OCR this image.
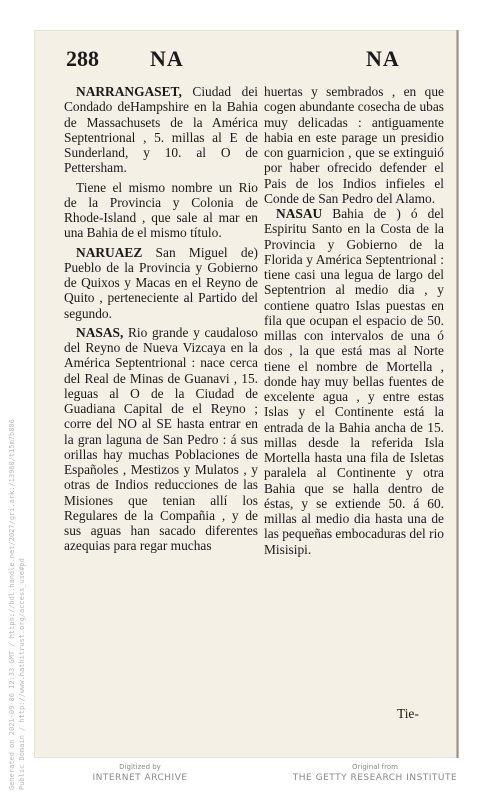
288 NA	NA

NARRANGASET, Ciudad dei Condado deHampshire en la Bahia de Massachusets de la América Septentrional , 5. millas al E de Sunderland, y 10. al O de Pettersham.

Tiene el mismo nombre un Rio de la Provincia y Colonia de Rhode-Island , que sale al mar en una Bahia de el mismo título.

NARUAEZ San Miguel de) Pueblo de la Provincia y Gobierno de Quixos y Macas en el Reyno de Quito , perteneciente al Partido del segundo.

NASAS, Rio grande y caudaloso del Reyno de Nueva Vizcaya en la América Septentrional : nace cerca del Real de Minas de Guanavi , 15. leguas al O de la Ciudad de Guadiana Capital de el Reyno ; corre del NO al SE hasta entrar en la gran laguna de San Pedro : á sus orillas hay muchas Poblaciones de Españoles , Mestizos y Mulatos , y otras de Indios reducciones de las Misiones que tenian allí los Regulares de la Compañia , y de sus aguas han sacado diferentes azequias para regar muchas

huertas y sembrados , en que cogen abundante cosecha de ubas muy delicadas : antiguamente habia en este parage un presidio con guarnicion , que se extinguió por haber ofrecido defender el Pais de los Indios infieles el Conde de San Pedro del Alamo.

NASAU Bahia de ) ó del Espiritu Santo en la Costa de la Provincia y Gobierno de la Florida y América Septentrional : tiene casi una legua de largo del Septentrion al medio dia , y contiene quatro Islas puestas en fila que ocupan el espacio de 50. millas con intervalos de una ó dos , la que está mas al Norte tiene el nombre de Mortella , donde hay muy bellas fuentes de excelente agua , y entre estas Islas y el Continente está la entrada de la Bahia ancha de 15. millas desde la referida Isla Mortella hasta una fila de Isletas paralela al Continente y otra Bahia que se halla dentro de éstas, y se extiende 50. á 60. millas al medio dia hasta una de las pequeñas embocaduras del rio Misisipi.

Tie-
Generated on 2021-09-06 12:33 GMT / https://hdl.handle.net/2027/gri.ark:/13960/t15m7b806 Public Domain / http://www.hathitrust.org/access_use#pd	Digitized by
INTERNET ARCHIVE
Original from
THE GETTY RESEARCH INSTITUTE
